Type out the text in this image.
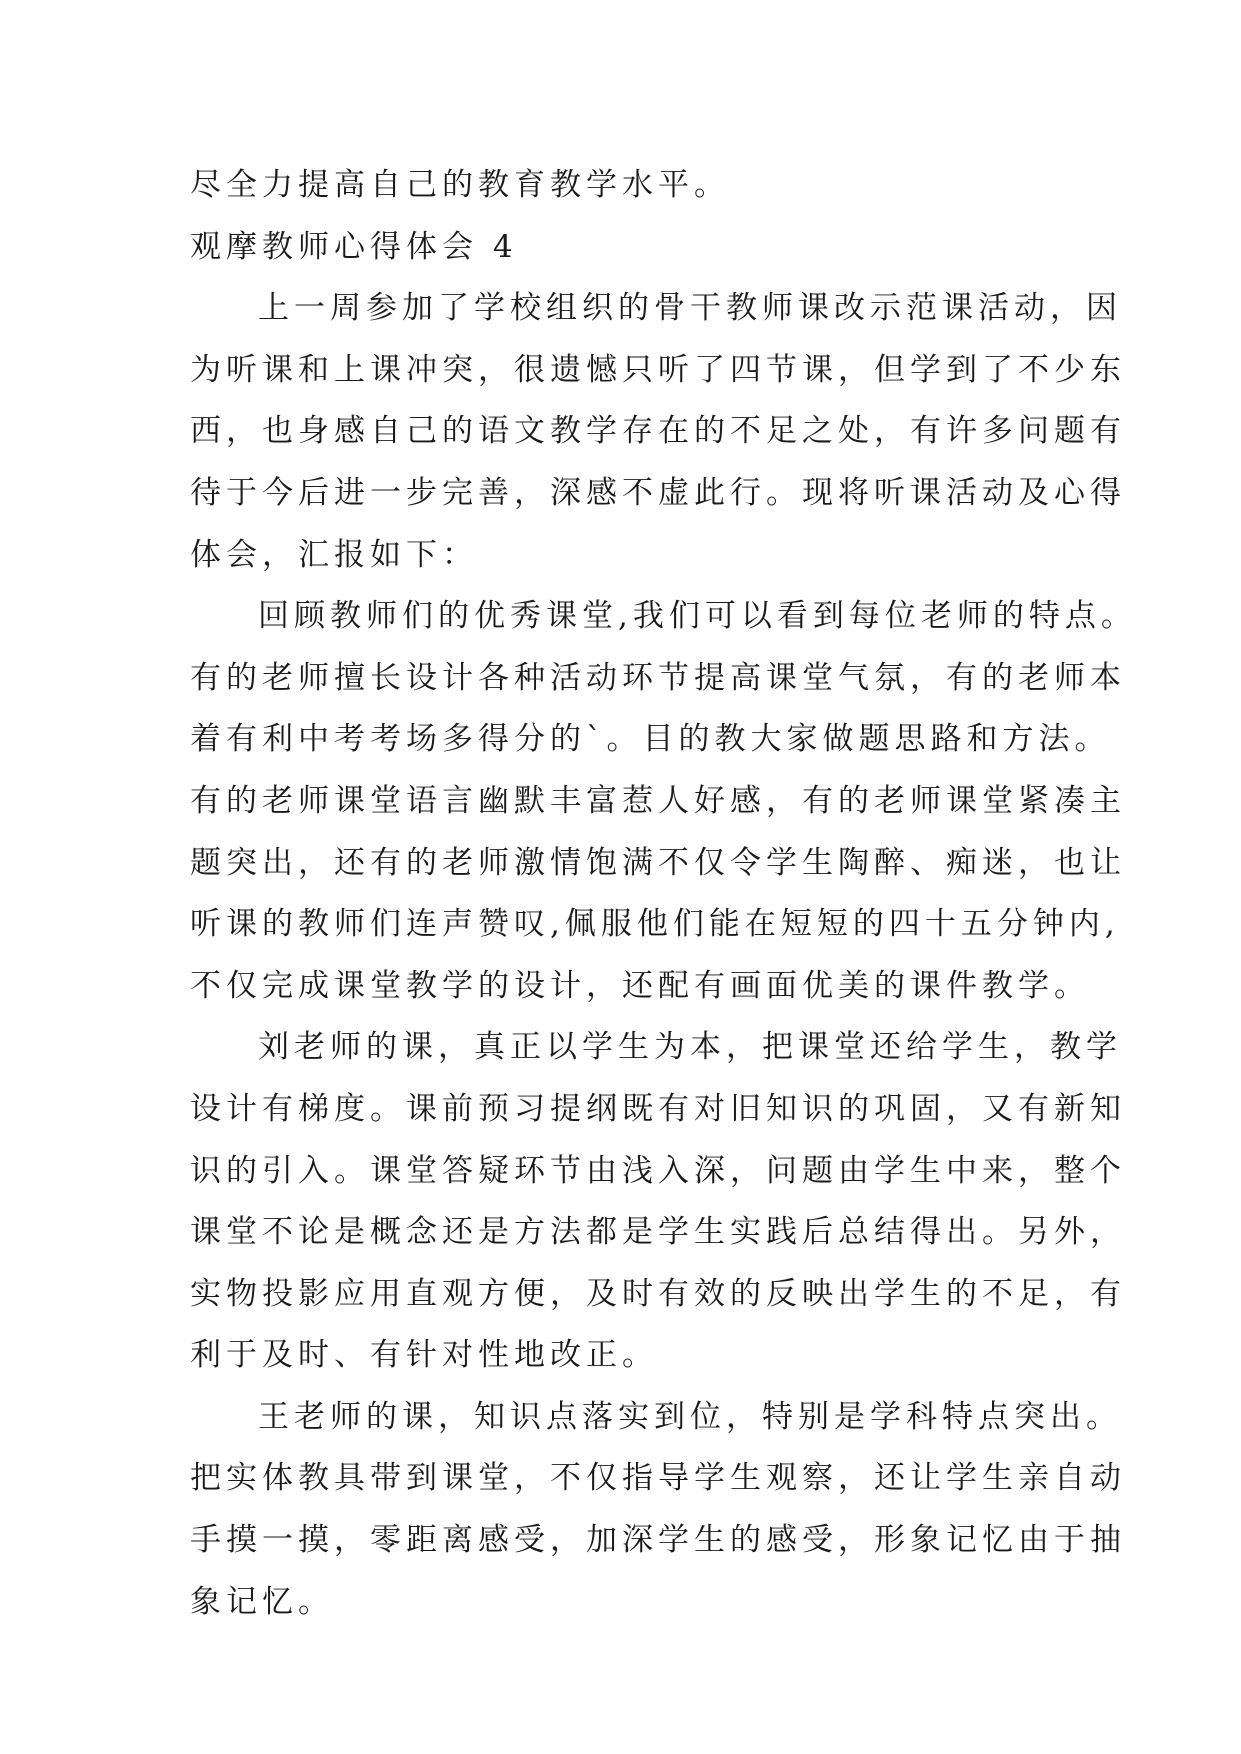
尽全力提高自己的教育教学水平。
观摩教师心得体会 4
上一周参加了学校组织的骨干教师课改示范课活动，因
为听课和上课冲突，很遗憾只听了四节课，但学到了不少东
西，也身感自己的语文教学存在的不足之处，有许多问题有
待于今后进一步完善，深感不虚此行。现将听课活动及心得
体会，汇报如下：
回顾教师们的优秀课堂,我们可以看到每位老师的特点。
有的老师擅长设计各种活动环节提高课堂气氛，有的老师本
着有利中考考场多得分的`。目的教大家做题思路和方法。
有的老师课堂语言幽默丰富惹人好感，有的老师课堂紧凑主
题突出，还有的老师激情饱满不仅令学生陶醉、痴迷，也让
听课的教师们连声赞叹,佩服他们能在短短的四十五分钟内,
不仅完成课堂教学的设计，还配有画面优美的课件教学。
刘老师的课，真正以学生为本，把课堂还给学生，教学
设计有梯度。课前预习提纲既有对旧知识的巩固，又有新知
识的引入。课堂答疑环节由浅入深，问题由学生中来，整个
课堂不论是概念还是方法都是学生实践后总结得出。另外，
实物投影应用直观方便，及时有效的反映出学生的不足，有
利于及时、有针对性地改正。
王老师的课，知识点落实到位，特别是学科特点突出。
把实体教具带到课堂，不仅指导学生观察，还让学生亲自动
手摸一摸，零距离感受，加深学生的感受，形象记忆由于抽
象记忆。
